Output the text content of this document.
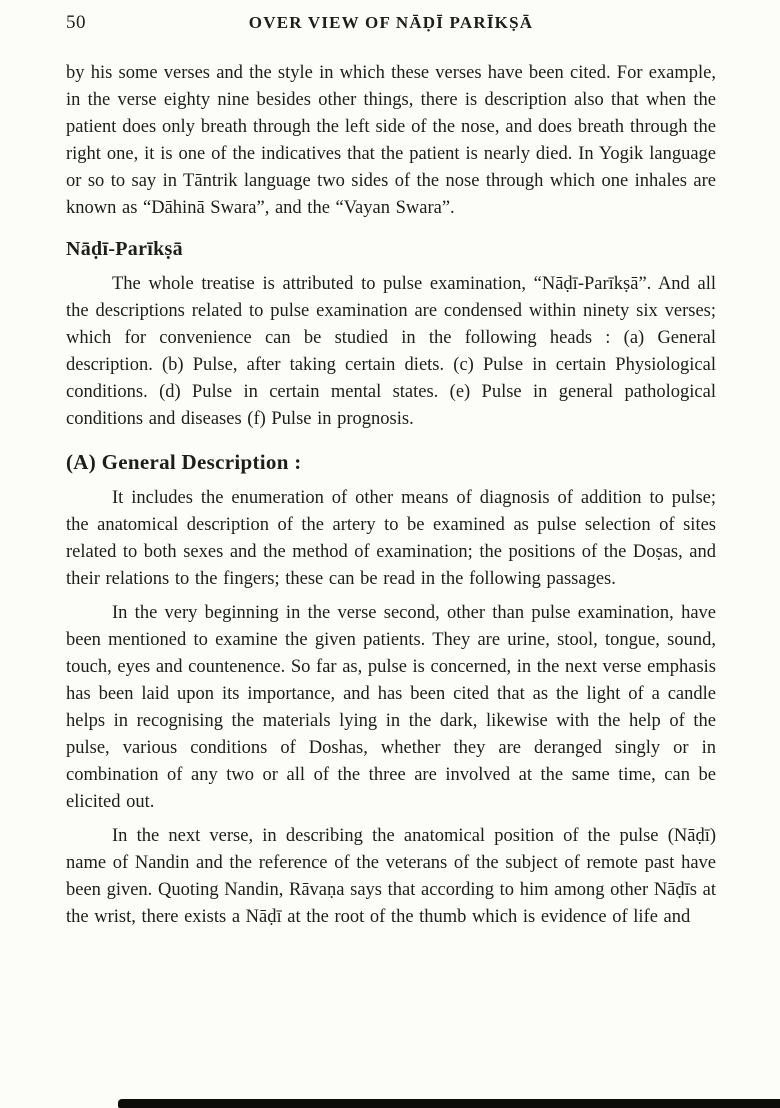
50	OVER VIEW OF NĀḌĪ PARĪKṢĀ

by his some verses and the style in which these verses have been cited. For example, in the verse eighty nine besides other things, there is description also that when the patient does only breath through the left side of the nose, and does breath through the right one, it is one of the indicatives that the patient is nearly died. In Yogik language or so to say in Tāntrik language two sides of the nose through which one inhales are known as “Dāhinā Swara”, and the “Vayan Swara”.

Nāḍī-Parīkṣā

The whole treatise is attributed to pulse examination, “Nāḍī-Parīkṣā”. And all the descriptions related to pulse examination are condensed within ninety six verses; which for convenience can be studied in the following heads : (a) General description. (b) Pulse, after taking certain diets. (c) Pulse in certain Physiological conditions. (d) Pulse in certain mental states. (e) Pulse in general pathological conditions and diseases (f) Pulse in prognosis.

(A) General Description :

It includes the enumeration of other means of diagnosis of addition to pulse; the anatomical description of the artery to be examined as pulse selection of sites related to both sexes and the method of examination; the positions of the Doṣas, and their relations to the fingers; these can be read in the following passages.

In the very beginning in the verse second, other than pulse examination, have been mentioned to examine the given patients. They are urine, stool, tongue, sound, touch, eyes and countenence. So far as, pulse is concerned, in the next verse emphasis has been laid upon its importance, and has been cited that as the light of a candle helps in recognising the materials lying in the dark, likewise with the help of the pulse, various conditions of Doshas, whether they are deranged singly or in combination of any two or all of the three are involved at the same time, can be elicited out.

In the next verse, in describing the anatomical position of the pulse (Nāḍī) name of Nandin and the reference of the veterans of the subject of remote past have been given. Quoting Nandin, Rāvaṇa says that according to him among other Nāḍīs at the wrist, there exists a Nāḍī at the root of the thumb which is evidence of life and
